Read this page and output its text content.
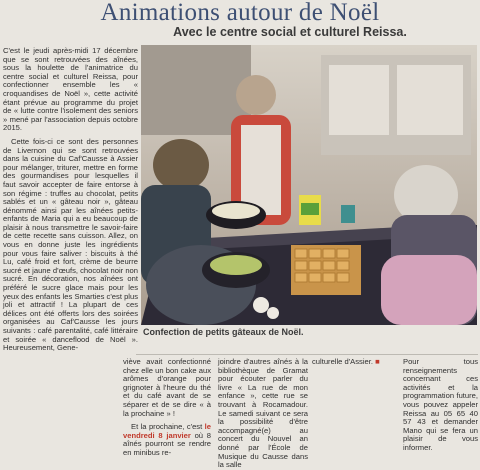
Animations autour de Noël
Avec le centre social et culturel Reissa.

C'est le jeudi après-midi 17 décembre que se sont retrouvées des aînées, sous la houlette de l'animatrice du centre social et culturel Reissa, pour confectionner ensemble les « croquandises de Noël », cette activité étant prévue au programme du projet de « lutte contre l'isolement des seniors » mené par l'association depuis octobre 2015.

Cette fois-ci ce sont des personnes de Livernon qui se sont retrouvées dans la cuisine du Caf'Causse à Assier pour mélanger, triturer, mettre en forme des gourmandises pour lesquelles il faut savoir accepter de faire entorse à son régime : truffes au chocolat, petits sablés et un « gâteau noir », gâteau dénommé ainsi par les aînées petits-enfants de Maria qui a eu beaucoup de plaisir à nous transmettre le savoir-faire de cette recette sans cuisson. Allez, on vous en donne juste les ingrédients pour vous faire saliver : biscuits à thé Lu, café froid et fort, crème de beurre sucré et jaune d'œufs, chocolat noir non sucré. En décoration, nos aînées ont préféré le sucre glace mais pour les yeux des enfants les Smarties c'est plus joli et attractif ! La plupart de ces délices ont été offerts lors des soirées organisées au Caf'Causse les jours suivants : café parentalité, café littéraire et soirée « danceflood de Noël ». Heureusement, Gene-

Confection de petits gâteaux de Noël.

viève avait confectionné chez elle un bon cake aux arômes d'orange pour grignoter à l'heure du thé et du café avant de se séparer et de se dire « à la prochaine » !

Et la prochaine, c'est le vendredi 8 janvier où 8 aînés pourront se rendre en minibus re-

joindre d'autres aînés à la bibliothèque de Gramat pour écouter parler du livre « La rue de mon enfance », cette rue se trouvant à Rocamadour. Le samedi suivant ce sera la possibilité d'être accompagné(e) au concert du Nouvel an donné par l'École de Musique du Causse dans la salle

culturelle d'Assier. ■	Pour tous renseignements concernant ces activités et la programmation future, vous pouvez appeler Reissa au 05 65 40 57 43 et demander Mano qui se fera un plaisir de vous informer.
